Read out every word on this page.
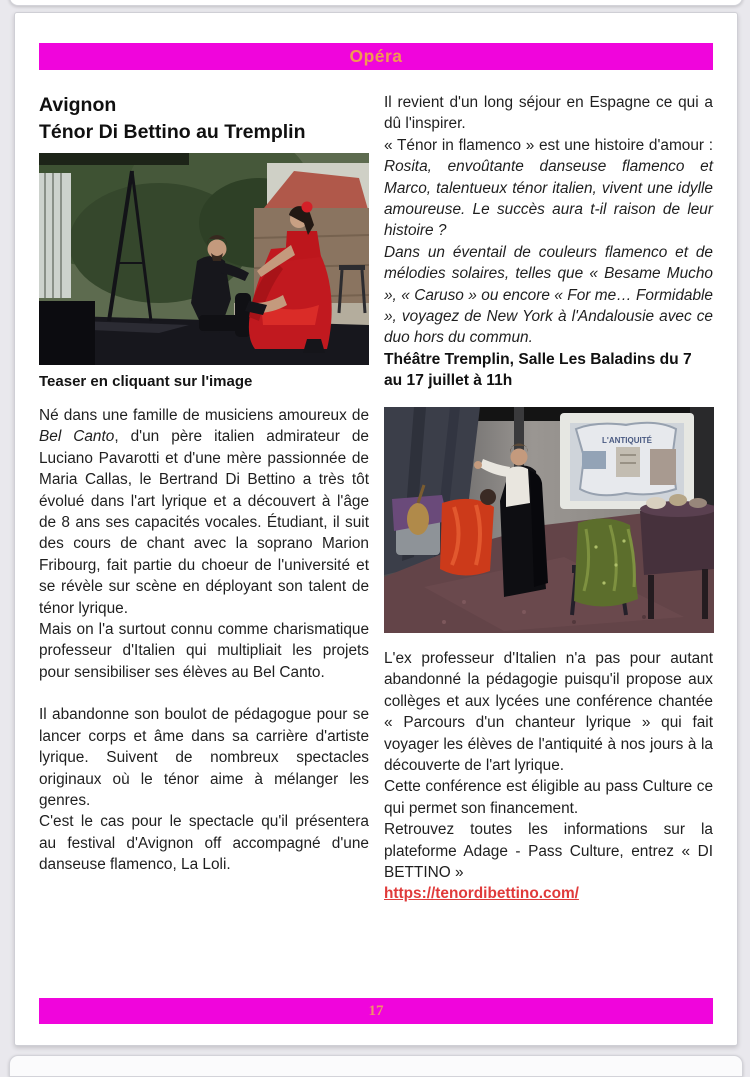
Opéra
Avignon
Ténor Di Bettino au Tremplin
Teaser en cliquant sur l'image

Né dans une famille de musiciens amoureux de Bel Canto, d'un père italien admirateur de Luciano Pavarotti et d'une mère passionnée de Maria Callas, le Bertrand Di Bettino a très tôt évolué dans l'art lyrique et a découvert à l'âge de 8 ans ses capacités vocales. Étudiant, il suit des cours de chant avec la soprano Marion Fribourg, fait partie du choeur de l'université et se révèle sur scène en déployant son talent de ténor lyrique.

Mais on l'a surtout connu comme charismatique professeur d'Italien qui multipliait les projets pour sensibiliser ses élèves au Bel Canto.

Il abandonne son boulot de pédagogue pour se lancer corps et âme dans sa carrière d'artiste lyrique. Suivent de nombreux spectacles originaux où le ténor aime à mélanger les genres.

C'est le cas pour le spectacle qu'il présentera au festival d'Avignon off accompagné d'une danseuse flamenco, La Loli.

Il revient d'un long séjour en Espagne ce qui a dû l'inspirer.

« Ténor in flamenco » est une histoire d'amour : Rosita, envoûtante danseuse flamenco et Marco, talentueux ténor italien, vivent une idylle amoureuse. Le succès aura t-il raison de leur histoire ?

Dans un éventail de couleurs flamenco et de mélodies solaires, telles que « Besame Mucho », « Caruso » ou encore « For me… Formidable », voyagez de New York à l'Andalousie avec ce duo hors du commun.

Théâtre Tremplin, Salle Les Baladins du 7 au 17 juillet à 11h

L'ANTIQUITÉ

L'ex professeur d'Italien n'a pas pour autant abandonné la pédagogie puisqu'il propose aux collèges et aux lycées une conférence chantée « Parcours d'un chanteur lyrique » qui fait voyager les élèves de l'antiquité à nos jours à la découverte de l'art lyrique.

Cette conférence est éligible au pass Culture ce qui permet son financement.

Retrouvez toutes les informations sur la plateforme Adage - Pass Culture, entrez « DI BETTINO »

https://tenordibettino.com/
17
